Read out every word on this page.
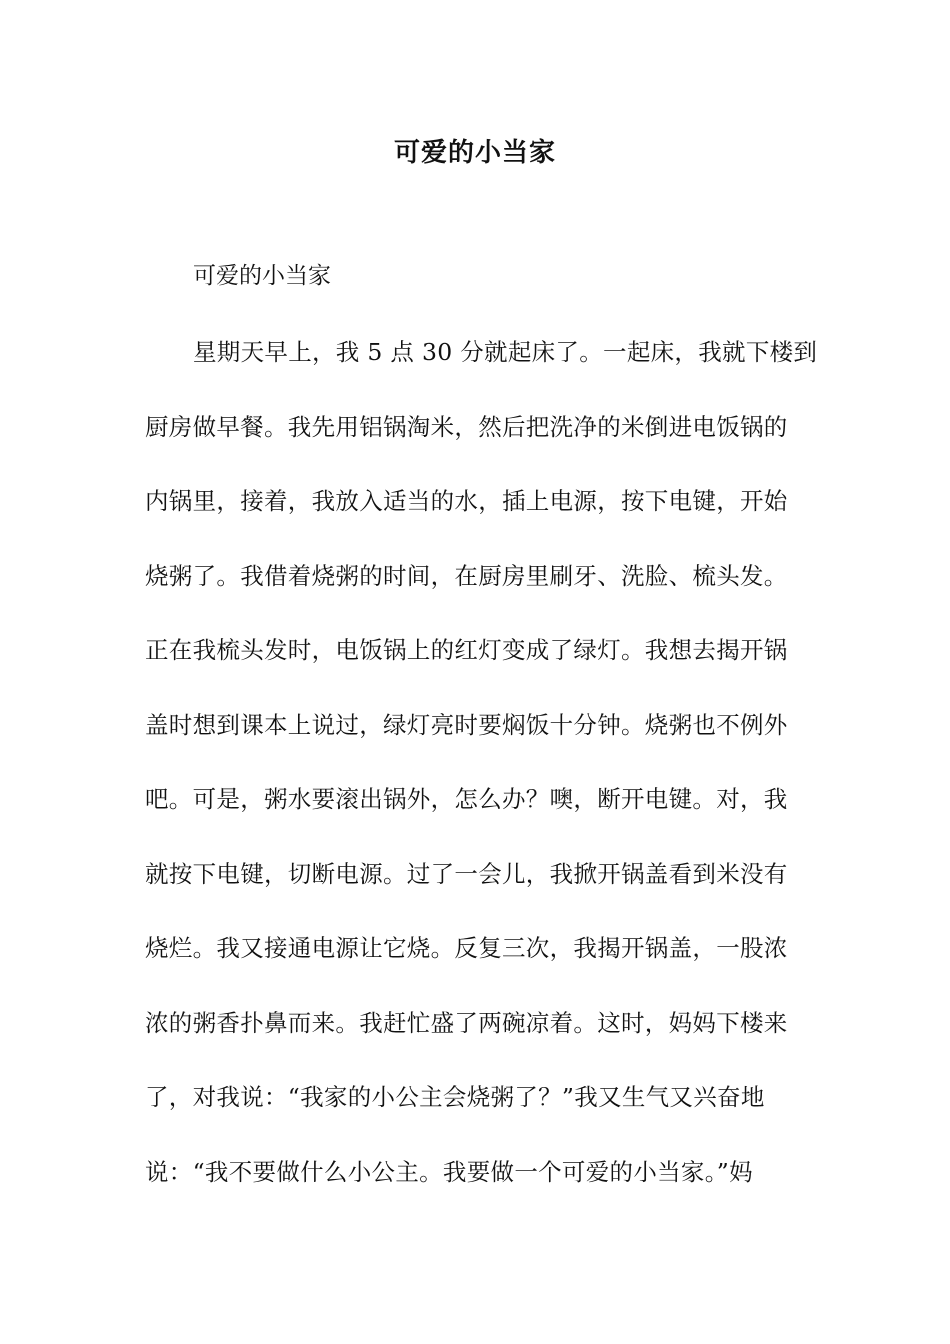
可爱的小当家
可爱的小当家
星期天早上，我 5 点 30 分就起床了。一起床，我就下楼到
厨房做早餐。我先用铝锅淘米，然后把洗净的米倒进电饭锅的
内锅里，接着，我放入适当的水，插上电源，按下电键，开始
烧粥了。我借着烧粥的时间，在厨房里刷牙、洗脸、梳头发。
正在我梳头发时，电饭锅上的红灯变成了绿灯。我想去揭开锅
盖时想到课本上说过，绿灯亮时要焖饭十分钟。烧粥也不例外
吧。可是，粥水要滚出锅外，怎么办？噢，断开电键。对，我
就按下电键，切断电源。过了一会儿，我掀开锅盖看到米没有
烧烂。我又接通电源让它烧。反复三次，我揭开锅盖，一股浓
浓的粥香扑鼻而来。我赶忙盛了两碗凉着。这时，妈妈下楼来
了，对我说：“我家的小公主会烧粥了？”我又生气又兴奋地
说：“我不要做什么小公主。我要做一个可爱的小当家。”妈
